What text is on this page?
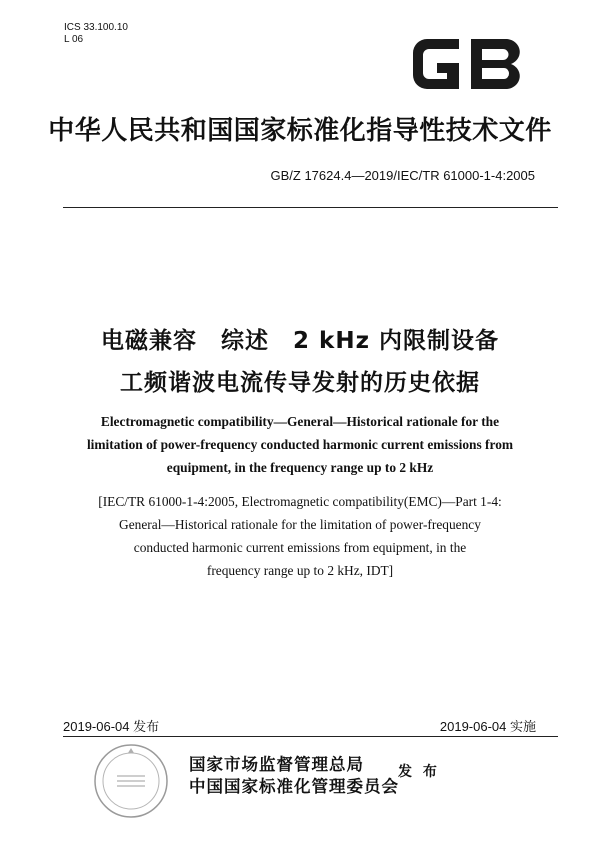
ICS 33.100.10
L 06
中华人民共和国国家标准化指导性技术文件
GB/Z 17624.4—2019/IEC/TR 61000-1-4:2005
电磁兼容　综述　2 kHz 内限制设备
工频谐波电流传导发射的历史依据
Electromagnetic compatibility—General—Historical rationale for the
limitation of power-frequency conducted harmonic current emissions from
equipment, in the frequency range up to 2 kHz
[IEC/TR 61000-1-4:2005, Electromagnetic compatibility(EMC)—Part 1-4:
General—Historical rationale for the limitation of power-frequency
conducted harmonic current emissions from equipment, in the
frequency range up to 2 kHz, IDT]
2019-06-04 发布	2019-06-04 实施
国家市场监督管理总局
中国国家标准化管理委员会
发 布
